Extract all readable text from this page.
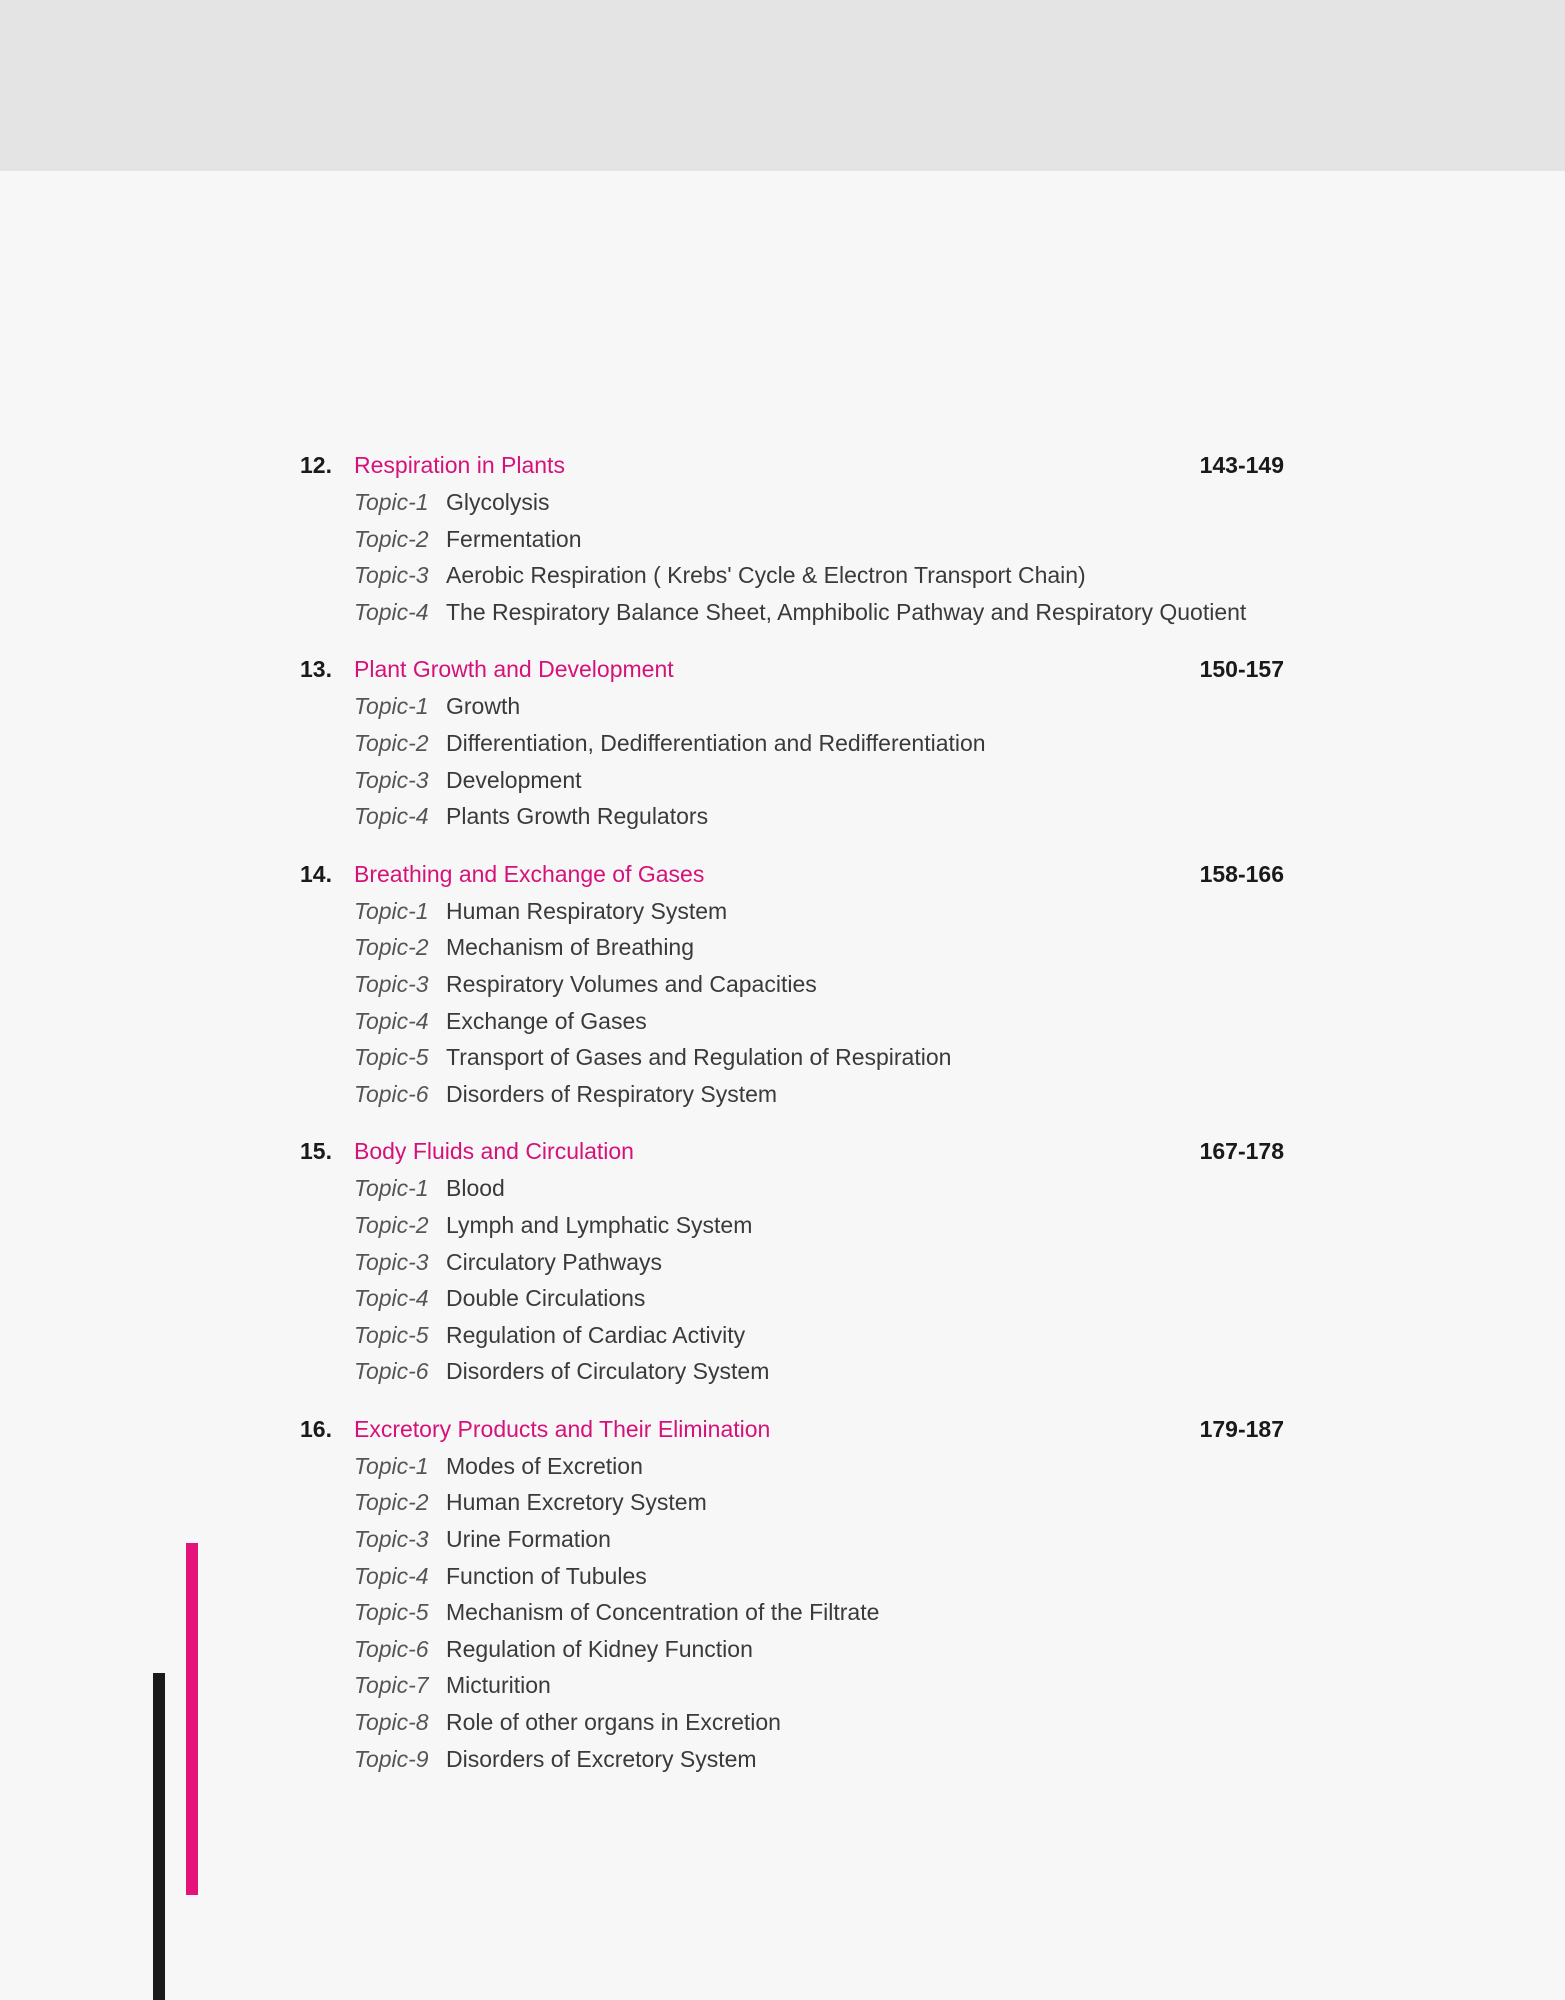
12. Respiration in Plants	143-149
Topic-1 Glycolysis
Topic-2 Fermentation
Topic-3 Aerobic Respiration ( Krebs' Cycle & Electron Transport Chain)
Topic-4 The Respiratory Balance Sheet, Amphibolic Pathway and Respiratory Quotient
13. Plant Growth and Development	150-157
Topic-1 Growth
Topic-2 Differentiation, Dedifferentiation and Redifferentiation
Topic-3 Development
Topic-4 Plants Growth Regulators
14. Breathing and Exchange of Gases	158-166
Topic-1 Human Respiratory System
Topic-2 Mechanism of Breathing
Topic-3 Respiratory Volumes and Capacities
Topic-4 Exchange of Gases
Topic-5 Transport of Gases and Regulation of Respiration
Topic-6 Disorders of Respiratory System
15. Body Fluids and Circulation	167-178
Topic-1 Blood
Topic-2 Lymph and Lymphatic System
Topic-3 Circulatory Pathways
Topic-4 Double Circulations
Topic-5 Regulation of Cardiac Activity
Topic-6 Disorders of Circulatory System
16. Excretory Products and Their Elimination	179-187
Topic-1 Modes of Excretion
Topic-2 Human Excretory System
Topic-3 Urine Formation
Topic-4 Function of Tubules
Topic-5 Mechanism of Concentration of the Filtrate
Topic-6 Regulation of Kidney Function
Topic-7 Micturition
Topic-8 Role of other organs in Excretion
Topic-9 Disorders of Excretory System
